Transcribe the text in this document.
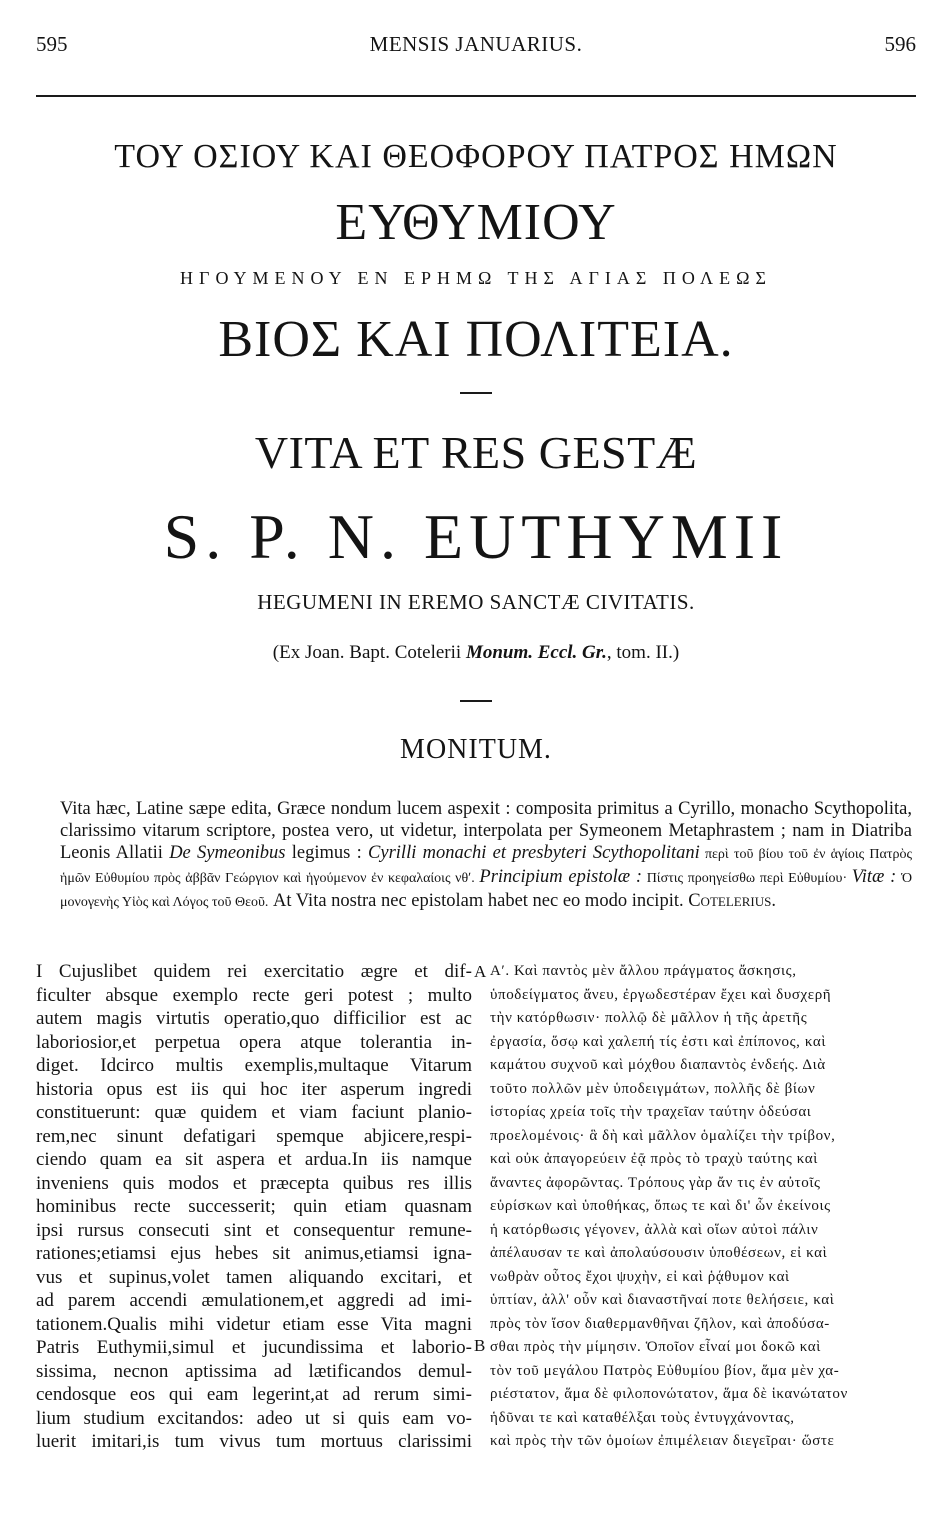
595	MENSIS JANUARIUS.	596
ΤΟΥ ΟΣΙΟΥ ΚΑΙ ΘΕΟΦΟΡΟΥ ΠΑΤΡΟΣ ΗΜΩΝ
ΕΥΘΥΜΙΟΥ
ΗΓΟΥΜΕΝΟΥ ΕΝ ΕΡΗΜΩ ΤΗΣ ΑΓΙΑΣ ΠΟΛΕΩΣ
ΒΙΟΣ ΚΑΙ ΠΟΛΙΤΕΙΑ.
VITA ET RES GESTÆ
S. P. N. EUTHYMII
HEGUMENI IN EREMO SANCTÆ CIVITATIS.
(Ex Joan. Bapt. Cotelerii Monum. Eccl. Gr., tom. II.)
MONITUM.
Vita hæc, Latine sæpe edita, Græce nondum lucem aspexit : composita primitus a Cyrillo, monacho Scythopolita, clarissimo vitarum scriptore, postea vero, ut videtur, interpolata per Symeonem Metaphrastem ; nam in Diatriba Leonis Allatii De Symeonibus legimus : Cyrilli monachi et presbyteri Scythopolitani περὶ τοῦ βίου τοῦ ἐν ἁγίοις Πατρὸς ἡμῶν Εὐθυμίου πρὸς ἀββᾶν Γεώργιον καὶ ἡγούμενον ἐν κεφαλαίοις νθʹ. Principium epistolæ : Πίστις προηγείσθω περὶ Εὐθυμίου· Vitæ : Ὁ μονογενὴς Υἱὸς καὶ Λόγος τοῦ Θεοῦ. At Vita nostra nec epistolam habet nec eo modo incipit. Cotelerius.
I Cujuslibet quidem rei exercitatio ægre et dif-
ficulter absque exemplo recte geri potest ; multo
autem magis virtutis operatio,quo difficilior est ac
laboriosior,et perpetua opera atque tolerantia in-
diget. Idcirco multis exemplis,multaque Vitarum
historia opus est iis qui hoc iter asperum ingredi
constituerunt: quæ quidem et viam faciunt planio-
rem,nec sinunt defatigari spemque abjicere,respi-
ciendo quam ea sit aspera et ardua.In iis namque
inveniens quis modos et præcepta quibus res illis
hominibus recte successerit; quin etiam quasnam
ipsi rursus consecuti sint et consequentur remune-
rationes;etiamsi ejus hebes sit animus,etiamsi igna-
vus et supinus,volet tamen aliquando excitari, et
ad parem accendi æmulationem,et aggredi ad imi-
tationem.Qualis mihi videtur etiam esse Vita magni
Patris Euthymii,simul et jucundissima et laborio-
sissima, necnon aptissima ad lætificandos demul-
cendosque eos qui eam legerint,at ad rerum simi-
lium studium excitandos: adeo ut si quis eam vo-
luerit imitari,is tum vivus tum mortuus clarissimi
Αʹ. Καὶ παντὸς μὲν ἄλλου πράγματος ἄσκησις,
ὑποδείγματος ἄνευ, ἐργωδεστέραν ἔχει καὶ δυσχερῆ
τὴν κατόρθωσιν· πολλῷ δὲ μᾶλλον ἡ τῆς ἀρετῆς
ἐργασία, ὅσῳ καὶ χαλεπή τίς ἐστι καὶ ἐπίπονος, καὶ
καμάτου συχνοῦ καὶ μόχθου διαπαντὸς ἐνδεής. Διὰ
τοῦτο πολλῶν μὲν ὑποδειγμάτων, πολλῆς δὲ βίων
ἱστορίας χρεία τοῖς τὴν τραχεῖαν ταύτην ὁδεύσαι
προελομένοις· ἃ δὴ καὶ μᾶλλον ὁμαλίζει τὴν τρίβον,
καὶ οὐκ ἀπαγορεύειν ἐᾷ πρὸς τὸ τραχὺ ταύτης καὶ
ἄναντες ἀφορῶντας. Τρόπους γὰρ ἄν τις ἐν αὐτοῖς
εὑρίσκων καὶ ὑποθήκας, ὅπως τε καὶ δι' ὧν ἐκείνοις
ἡ κατόρθωσις γέγονεν, ἀλλὰ καὶ οἵων αὐτοὶ πάλιν
ἀπέλαυσαν τε καὶ ἀπολαύσουσιν ὑποθέσεων, εἰ καὶ
νωθρὰν οὗτος ἔχοι ψυχὴν, εἰ καὶ ῥᾴθυμον καὶ
ὑπτίαν, ἀλλ' οὖν καὶ διαναστῆναί ποτε θελήσειε, καὶ
πρὸς τὸν ἴσον διαθερμανθῆναι ζῆλον, καὶ ἀποδύσα-
σθαι πρὸς τὴν μίμησιν. Ὁποῖον εἶναί μοι δοκῶ καὶ
τὸν τοῦ μεγάλου Πατρὸς Εὐθυμίου βίον, ἅμα μὲν χα-
ριέστατον, ἅμα δὲ φιλοπονώτατον, ἅμα δὲ ἱκανώτατον
ἡδῦναι τε καὶ καταθέλξαι τοὺς ἐντυγχάνοντας,
καὶ πρὸς τὴν τῶν ὁμοίων ἐπιμέλειαν διεγεῖραι· ὥστε
A
B
